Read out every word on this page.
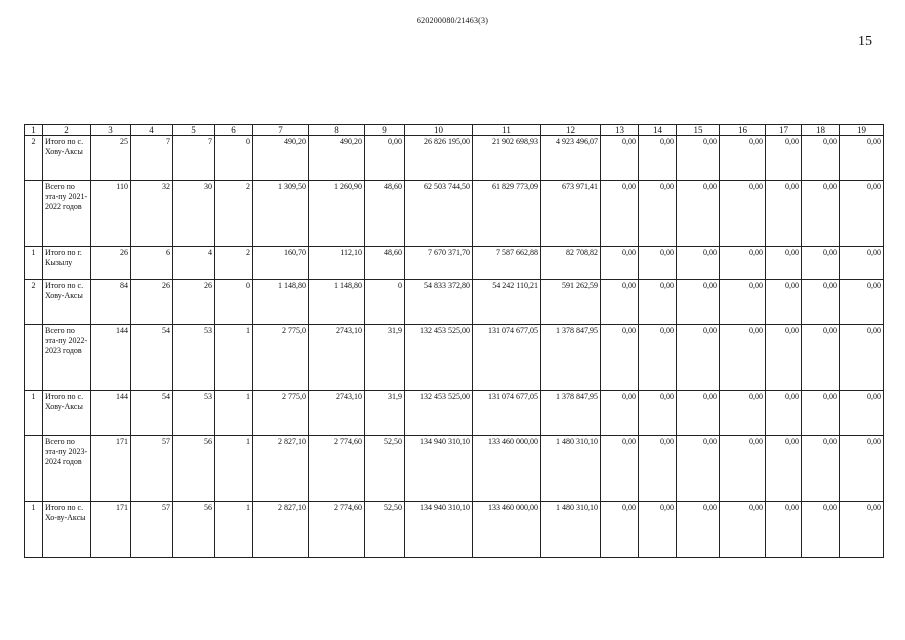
620200080/21463(3)
15
1	2	3	4	5	6	7	8	9	10	11	12	13	14	15	16	17	18	19
2	Итого по с. Хову-Аксы	25	7	7	0	490,20	490,20	0,00	26 826 195,00	21 902 698,93	4 923 496,07	0,00	0,00	0,00	0,00	0,00	0,00	0,00
	Всего по эта-пу 2021-2022 годов	110	32	30	2	1 309,50	1 260,90	48,60	62 503 744,50	61 829 773,09	673 971,41	0,00	0,00	0,00	0,00	0,00	0,00	0,00
1	Итого по г. Кызылу	26	6	4	2	160,70	112,10	48,60	7 670 371,70	7 587 662,88	82 708,82	0,00	0,00	0,00	0,00	0,00	0,00	0,00
2	Итого по с. Хову-Аксы	84	26	26	0	1 148,80	1 148,80	0	54 833 372,80	54 242 110,21	591 262,59	0,00	0,00	0,00	0,00	0,00	0,00	0,00
	Всего по эта-пу 2022-2023 годов	144	54	53	1	2 775,0	2743,10	31,9	132 453 525,00	131 074 677,05	1 378 847,95	0,00	0,00	0,00	0,00	0,00	0,00	0,00
1	Итого по с. Хову-Аксы	144	54	53	1	2 775,0	2743,10	31,9	132 453 525,00	131 074 677,05	1 378 847,95	0,00	0,00	0,00	0,00	0,00	0,00	0,00
	Всего по эта-пу 2023-2024 годов	171	57	56	1	2 827,10	2 774,60	52,50	134 940 310,10	133 460 000,00	1 480 310,10	0,00	0,00	0,00	0,00	0,00	0,00	0,00
1	Итого по с. Хо-ву-Аксы	171	57	56	1	2 827,10	2 774,60	52,50	134 940 310,10	133 460 000,00	1 480 310,10	0,00	0,00	0,00	0,00	0,00	0,00	0,00
